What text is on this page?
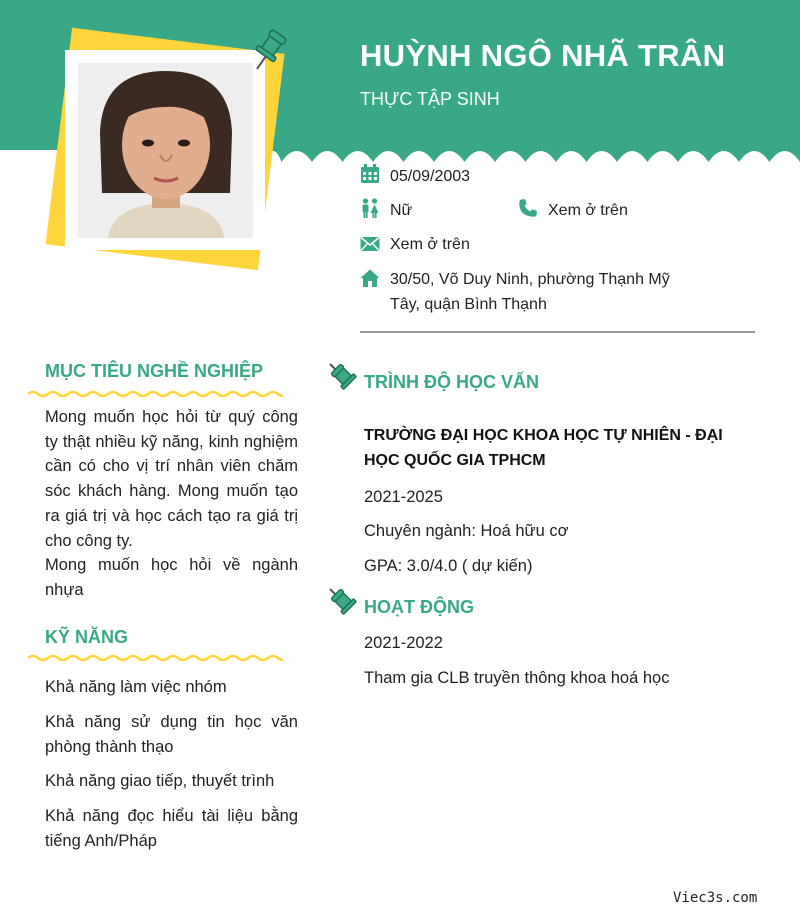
HUỲNH NGÔ NHÃ TRÂN
THỰC TẬP SINH
05/09/2003
Nữ	Xem ở trên
Xem ở trên
30/50, Võ Duy Ninh, phường Thạnh Mỹ
Tây, quận Bình Thạnh
MỤC TIÊU NGHỀ NGHIỆP
Mong muốn học hỏi từ quý công ty thật nhiều kỹ năng, kinh nghiệm cần có cho vị trí nhân viên chăm sóc khách hàng. Mong muốn tạo ra giá trị và học cách tạo ra giá trị cho công ty.
Mong muốn học hỏi về ngành nhựa
KỸ NĂNG
Khả năng làm việc nhóm
Khả năng sử dụng tin học văn phòng thành thạo
Khả năng giao tiếp, thuyết trình
Khả năng đọc hiểu tài liệu bằng tiếng Anh/Pháp
TRÌNH ĐỘ HỌC VẤN
TRƯỜNG ĐẠI HỌC KHOA HỌC TỰ NHIÊN - ĐẠI HỌC QUỐC GIA TPHCM
2021-2025
Chuyên ngành: Hoá hữu cơ
GPA: 3.0/4.0 ( dự kiến)
HOẠT ĐỘNG
2021-2022
Tham gia CLB truyền thông khoa hoá học
Viec3s.com
